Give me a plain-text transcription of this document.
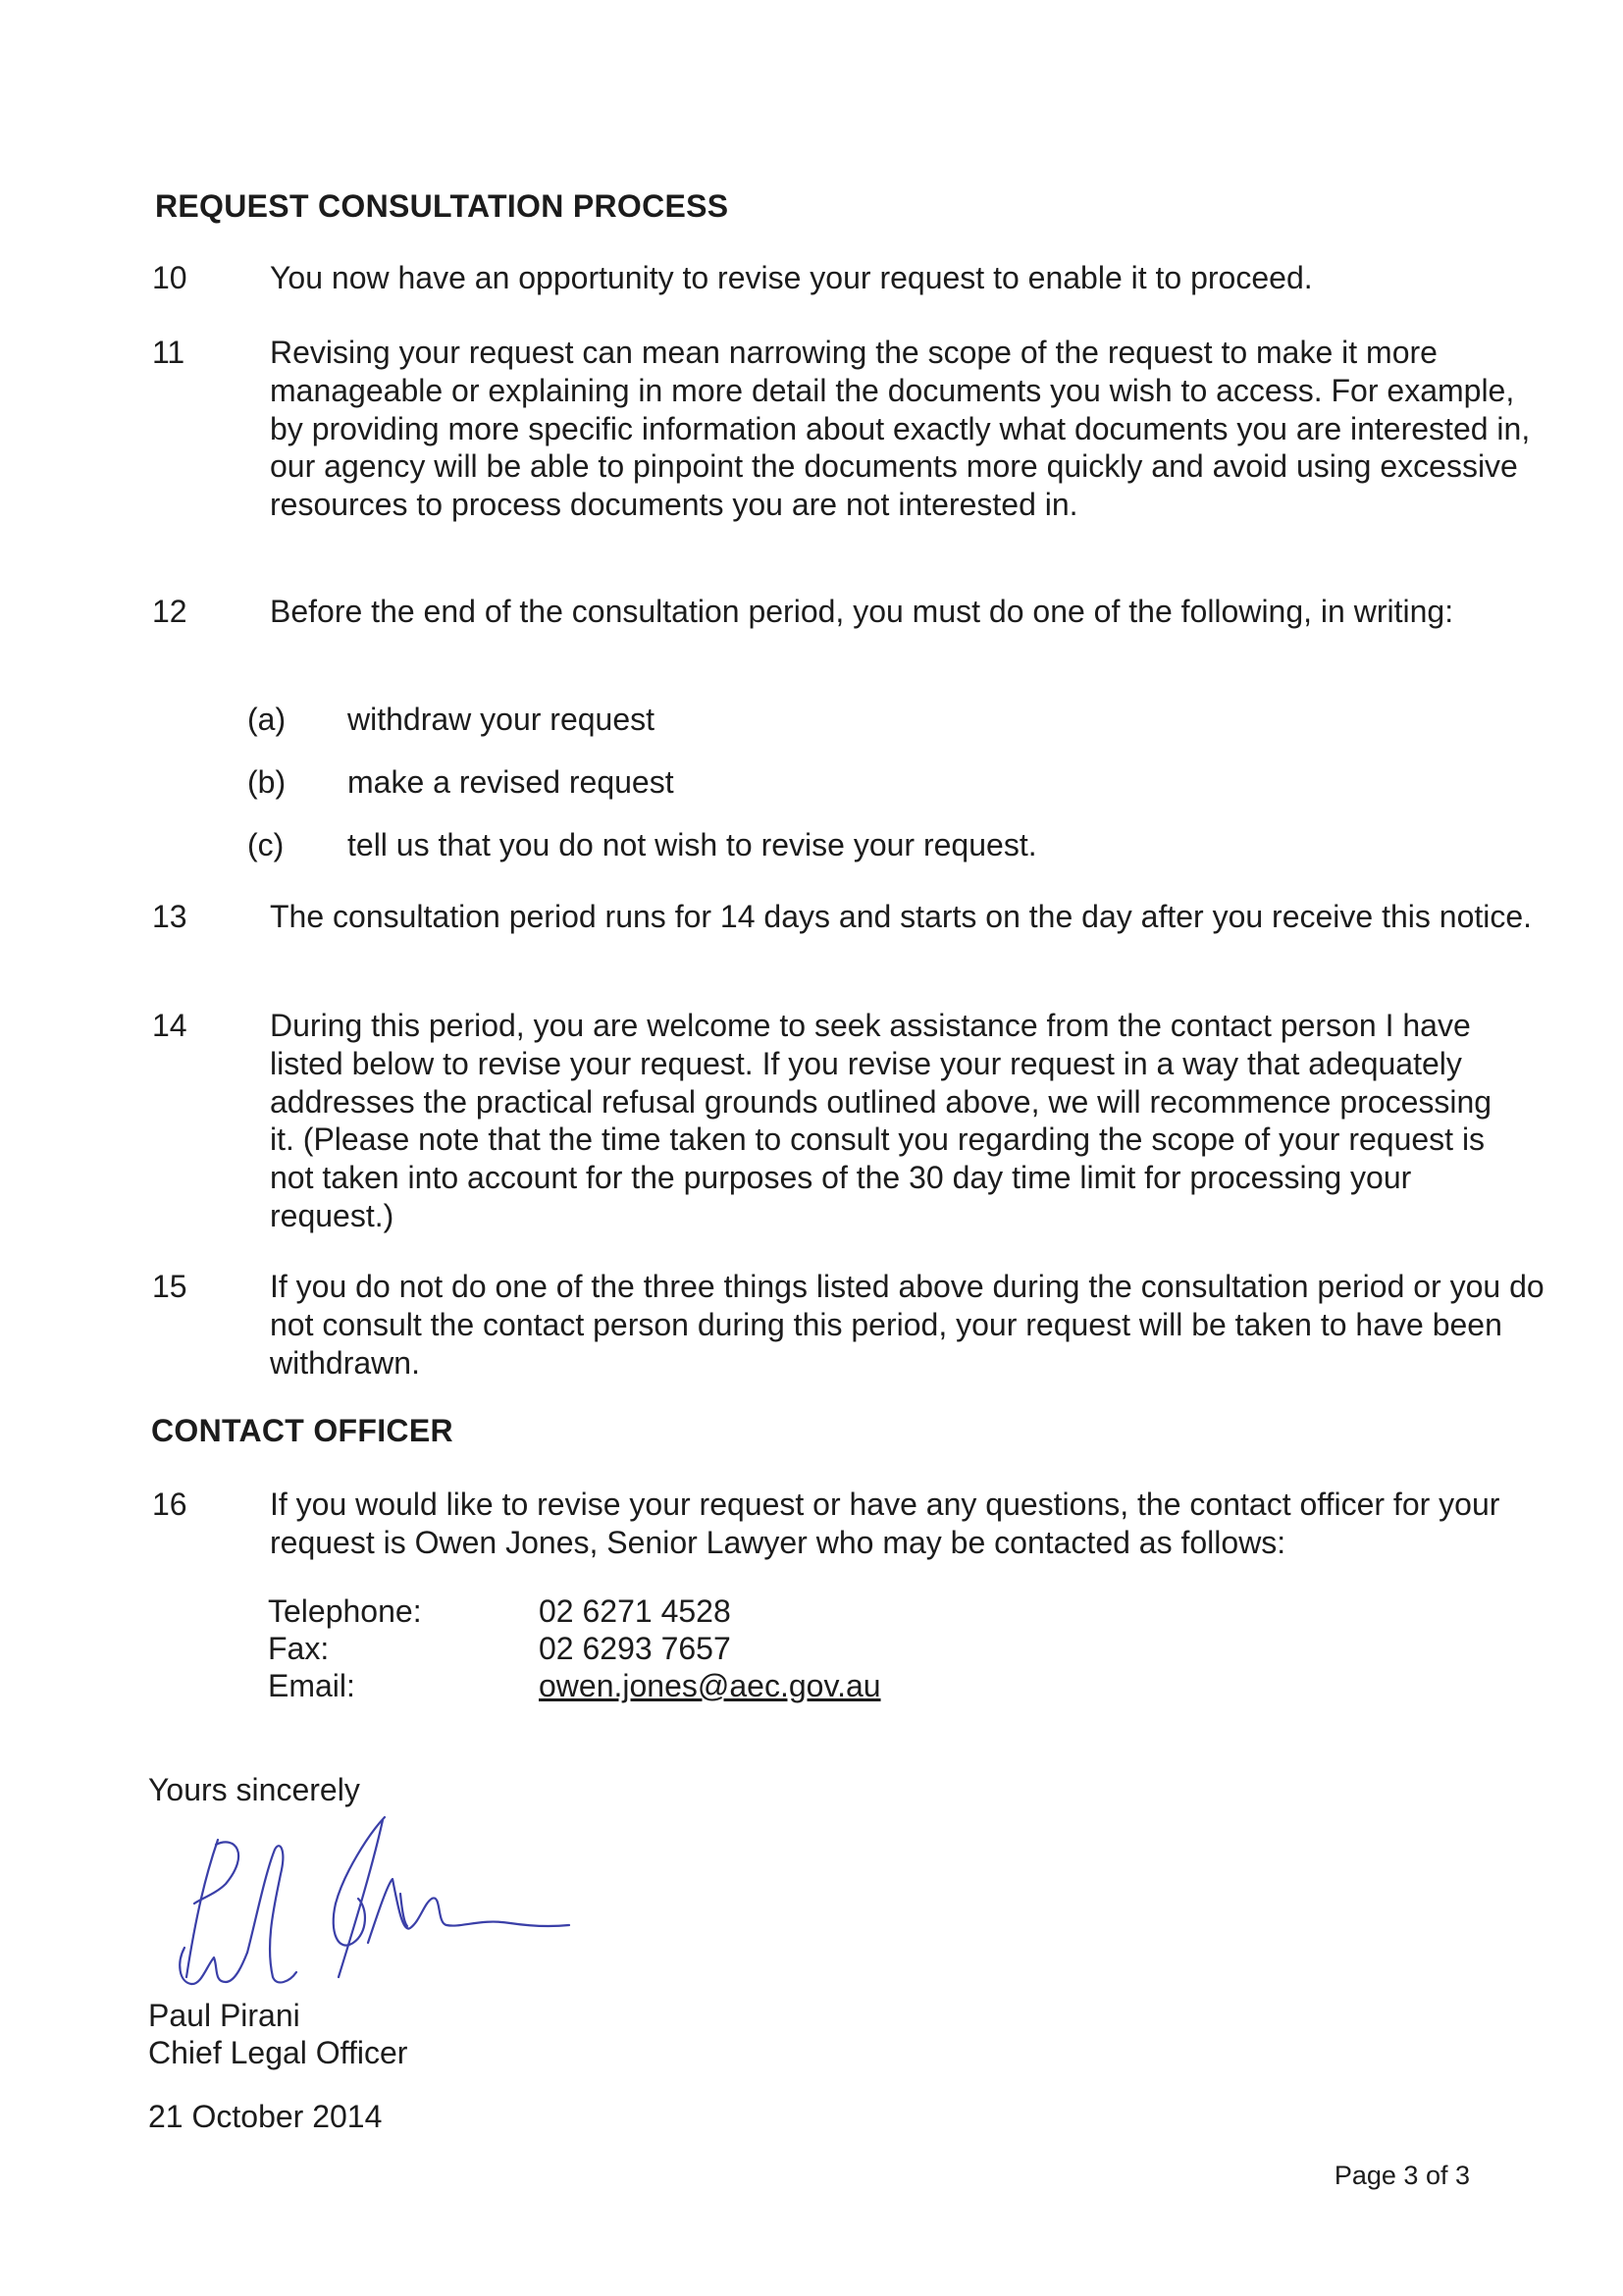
REQUEST CONSULTATION PROCESS
10	You now have an opportunity to revise your request to enable it to proceed.
11	Revising your request can mean narrowing the scope of the request to make it more manageable or explaining in more detail the documents you wish to access. For example, by providing more specific information about exactly what documents you are interested in, our agency will be able to pinpoint the documents more quickly and avoid using excessive resources to process documents you are not interested in.
12	Before the end of the consultation period, you must do one of the following, in writing:
(a) withdraw your request
(b) make a revised request
(c) tell us that you do not wish to revise your request.
13	The consultation period runs for 14 days and starts on the day after you receive this notice.
14	During this period, you are welcome to seek assistance from the contact person I have listed below to revise your request. If you revise your request in a way that adequately addresses the practical refusal grounds outlined above, we will recommence processing it. (Please note that the time taken to consult you regarding the scope of your request is not taken into account for the purposes of the 30 day time limit for processing your request.)
15	If you do not do one of the three things listed above during the consultation period or you do not consult the contact person during this period, your request will be taken to have been withdrawn.
CONTACT OFFICER
16	If you would like to revise your request or have any questions, the contact officer for your request is Owen Jones, Senior Lawyer who may be contacted as follows:
Telephone:	02 6271 4528
Fax:	02 6293 7657
Email:	owen.jones@aec.gov.au
Yours sincerely
Paul Pirani
Chief Legal Officer
21 October 2014
Page 3 of 3
